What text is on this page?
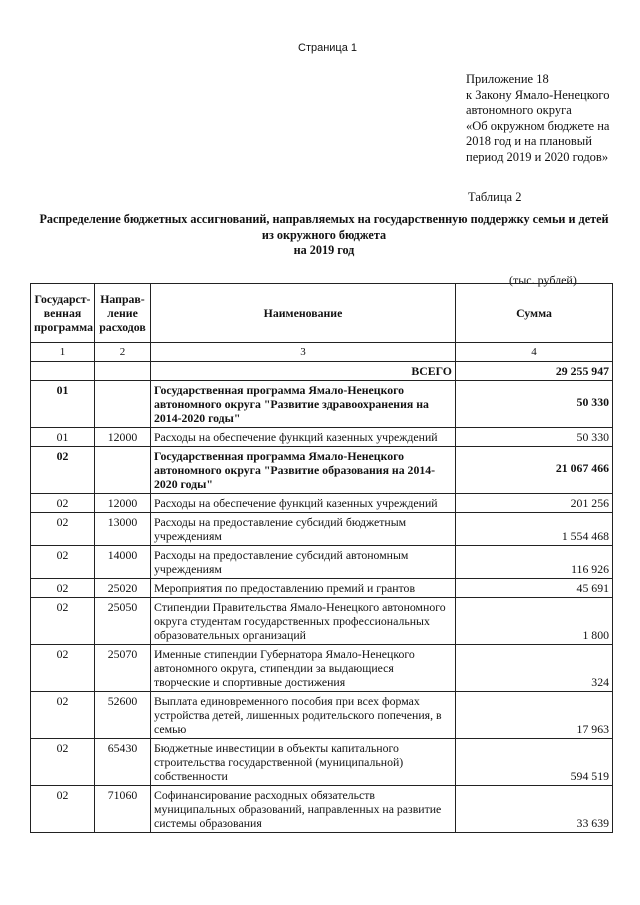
Страница 1
Приложение 18
к Закону Ямало-Ненецкого
автономного округа
«Об окружном бюджете на
2018 год и на плановый
период 2019 и 2020 годов»
Таблица 2
Распределение бюджетных ассигнований, направляемых на государственную поддержку семьи и детей
из окружного бюджета
на 2019 год
(тыс. рублей)
Государст-венная программа	Направ-ление расходов	Наименование	Сумма
1	2	3	4
		ВСЕГО	29 255 947
01		Государственная программа Ямало-Ненецкого автономного округа "Развитие здравоохранения на 2014-2020 годы"	50 330
01	12000	Расходы на обеспечение функций казенных учреждений	50 330
02		Государственная программа Ямало-Ненецкого автономного округа "Развитие образования на 2014-2020 годы"	21 067 466
02	12000	Расходы на обеспечение функций казенных учреждений	201 256
02	13000	Расходы на предоставление субсидий бюджетным учреждениям	1 554 468
02	14000	Расходы на предоставление субсидий автономным учреждениям	116 926
02	25020	Мероприятия по предоставлению премий и грантов	45 691
02	25050	Стипендии Правительства Ямало-Ненецкого автономного округа студентам государственных профессиональных образовательных организаций	1 800
02	25070	Именные стипендии Губернатора Ямало-Ненецкого автономного округа, стипендии за выдающиеся творческие и спортивные достижения	324
02	52600	Выплата единовременного пособия при всех формах устройства детей, лишенных родительского попечения, в семью	17 963
02	65430	Бюджетные инвестиции в объекты капитального строительства государственной (муниципальной) собственности	594 519
02	71060	Софинансирование расходных обязательств муниципальных образований, направленных на развитие системы образования	33 639
